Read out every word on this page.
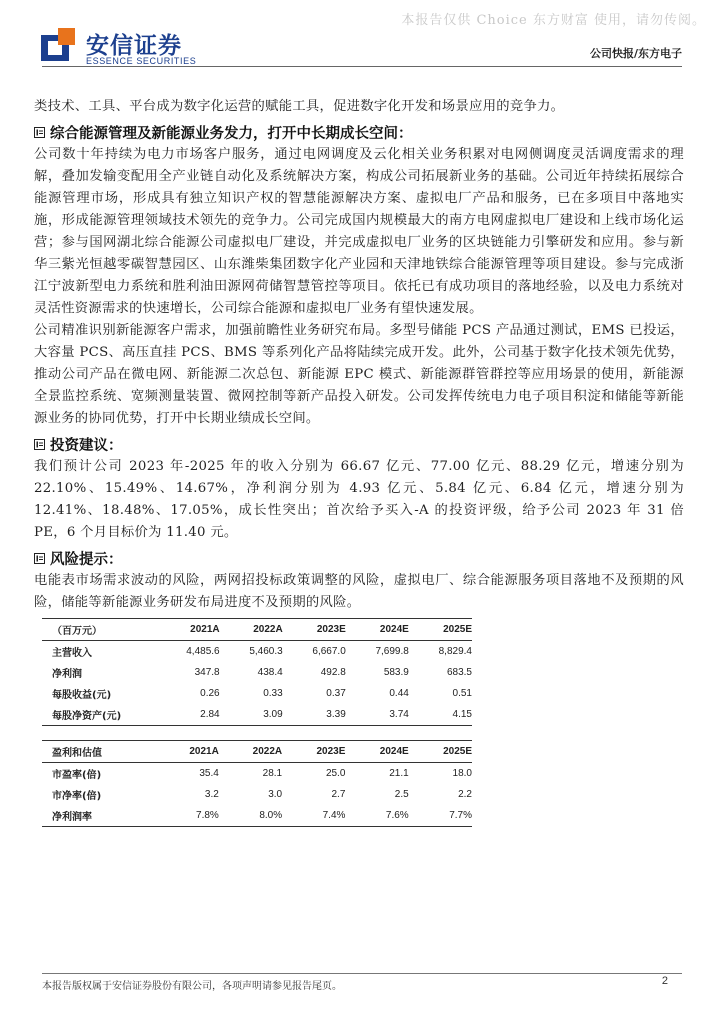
本报告仅供 Choice 东方财富 使用，请勿传阅。
安信证券
ESSENCE SECURITIES
公司快报/东方电子

类技术、工具、平台成为数字化运营的赋能工具，促进数字化开发和场景应用的竞争力。

综合能源管理及新能源业务发力，打开中长期成长空间：

公司数十年持续为电力市场客户服务，通过电网调度及云化相关业务积累对电网侧调度灵活调度需求的理解，叠加发输变配用全产业链自动化及系统解决方案，构成公司拓展新业务的基础。公司近年持续拓展综合能源管理市场，形成具有独立知识产权的智慧能源解决方案、虚拟电厂产品和服务，已在多项目中落地实施，形成能源管理领域技术领先的竞争力。公司完成国内规模最大的南方电网虚拟电厂建设和上线市场化运营；参与国网湖北综合能源公司虚拟电厂建设，并完成虚拟电厂业务的区块链能力引擎研发和应用。参与新华三紫光恒越零碳智慧园区、山东潍柴集团数字化产业园和天津地铁综合能源管理等项目建设。参与完成浙江宁波新型电力系统和胜利油田源网荷储智慧管控等项目。依托已有成功项目的落地经验，以及电力系统对灵活性资源需求的快速增长，公司综合能源和虚拟电厂业务有望快速发展。

公司精准识别新能源客户需求，加强前瞻性业务研究布局。多型号储能 PCS 产品通过测试，EMS 已投运，大容量 PCS、高压直挂 PCS、BMS 等系列化产品将陆续完成开发。此外，公司基于数字化技术领先优势，推动公司产品在微电网、新能源二次总包、新能源 EPC 模式、新能源群管群控等应用场景的使用，新能源全景监控系统、宽频测量装置、微网控制等新产品投入研发。公司发挥传统电力电子项目积淀和储能等新能源业务的协同优势，打开中长期业绩成长空间。

投资建议：

我们预计公司 2023 年-2025 年的收入分别为 66.67 亿元、77.00 亿元、88.29 亿元，增速分别为 22.10%、15.49%、14.67%，净利润分别为 4.93 亿元、5.84 亿元、6.84 亿元，增速分别为 12.41%、18.48%、17.05%，成长性突出；首次给予买入-A 的投资评级，给予公司 2023 年 31 倍 PE，6 个月目标价为 11.40 元。

风险提示：

电能表市场需求波动的风险，两网招投标政策调整的风险，虚拟电厂、综合能源服务项目落地不及预期的风险，储能等新能源业务研发布局进度不及预期的风险。

（百万元）	2021A	2022A	2023E	2024E	2025E
主营收入	4,485.6	5,460.3	6,667.0	7,699.8	8,829.4
净利润	347.8	438.4	492.8	583.9	683.5
每股收益(元)	0.26	0.33	0.37	0.44	0.51
每股净资产(元)	2.84	3.09	3.39	3.74	4.15
盈利和估值	2021A	2022A	2023E	2024E	2025E
市盈率(倍)	35.4	28.1	25.0	21.1	18.0
市净率(倍)	3.2	3.0	2.7	2.5	2.2
净利润率	7.8%	8.0%	7.4%	7.6%	7.7%
本报告版权属于安信证券股份有限公司，各项声明请参见报告尾页。	2
